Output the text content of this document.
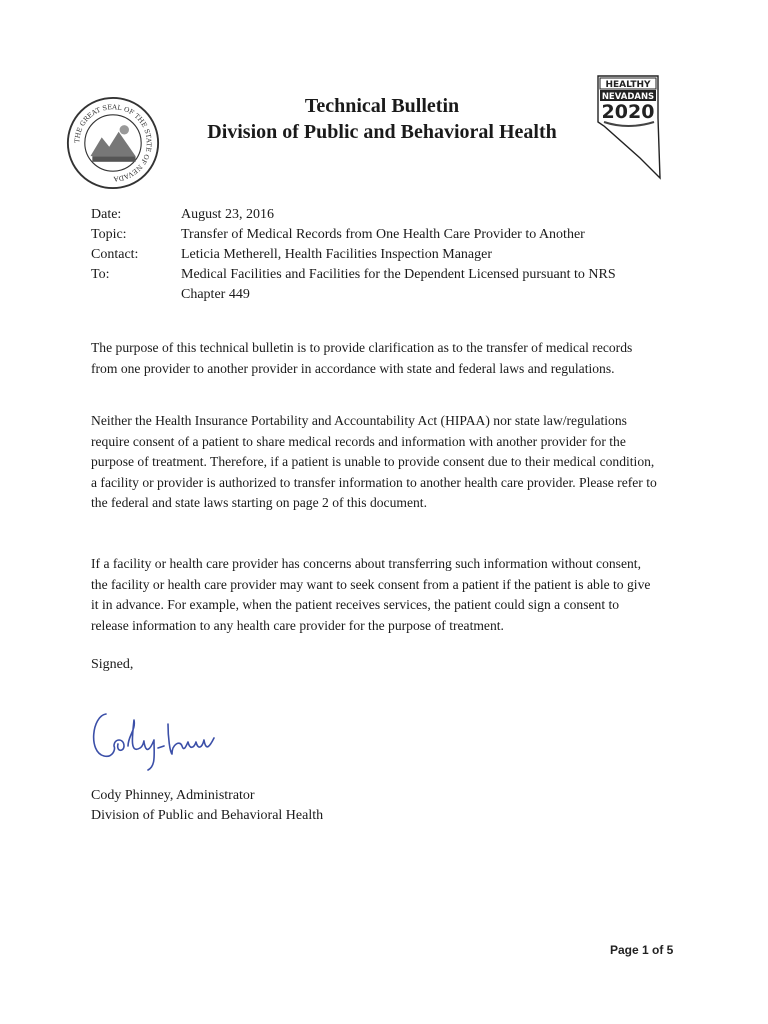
THE GREAT SEAL OF THE STATE OF NEVADA
HEALTHY
NEVADANS
2020
Technical Bulletin
Division of Public and Behavioral Health
Date:	August 23, 2016
Topic:	Transfer of Medical Records from One Health Care Provider to Another
Contact:	Leticia Metherell, Health Facilities Inspection Manager
To:	Medical Facilities and Facilities for the Dependent Licensed pursuant to NRS Chapter 449

The purpose of this technical bulletin is to provide clarification as to the transfer of medical records from one provider to another provider in accordance with state and federal laws and regulations.

Neither the Health Insurance Portability and Accountability Act (HIPAA) nor state law/regulations require consent of a patient to share medical records and information with another provider for the purpose of treatment. Therefore, if a patient is unable to provide consent due to their medical condition, a facility or provider is authorized to transfer information to another health care provider. Please refer to the federal and state laws starting on page 2 of this document.

If a facility or health care provider has concerns about transferring such information without consent, the facility or health care provider may want to seek consent from a patient if the patient is able to give it in advance. For example, when the patient receives services, the patient could sign a consent to release information to any health care provider for the purpose of treatment.

Signed,
Cody Phinney, Administrator
Division of Public and Behavioral Health
Page 1 of 5
